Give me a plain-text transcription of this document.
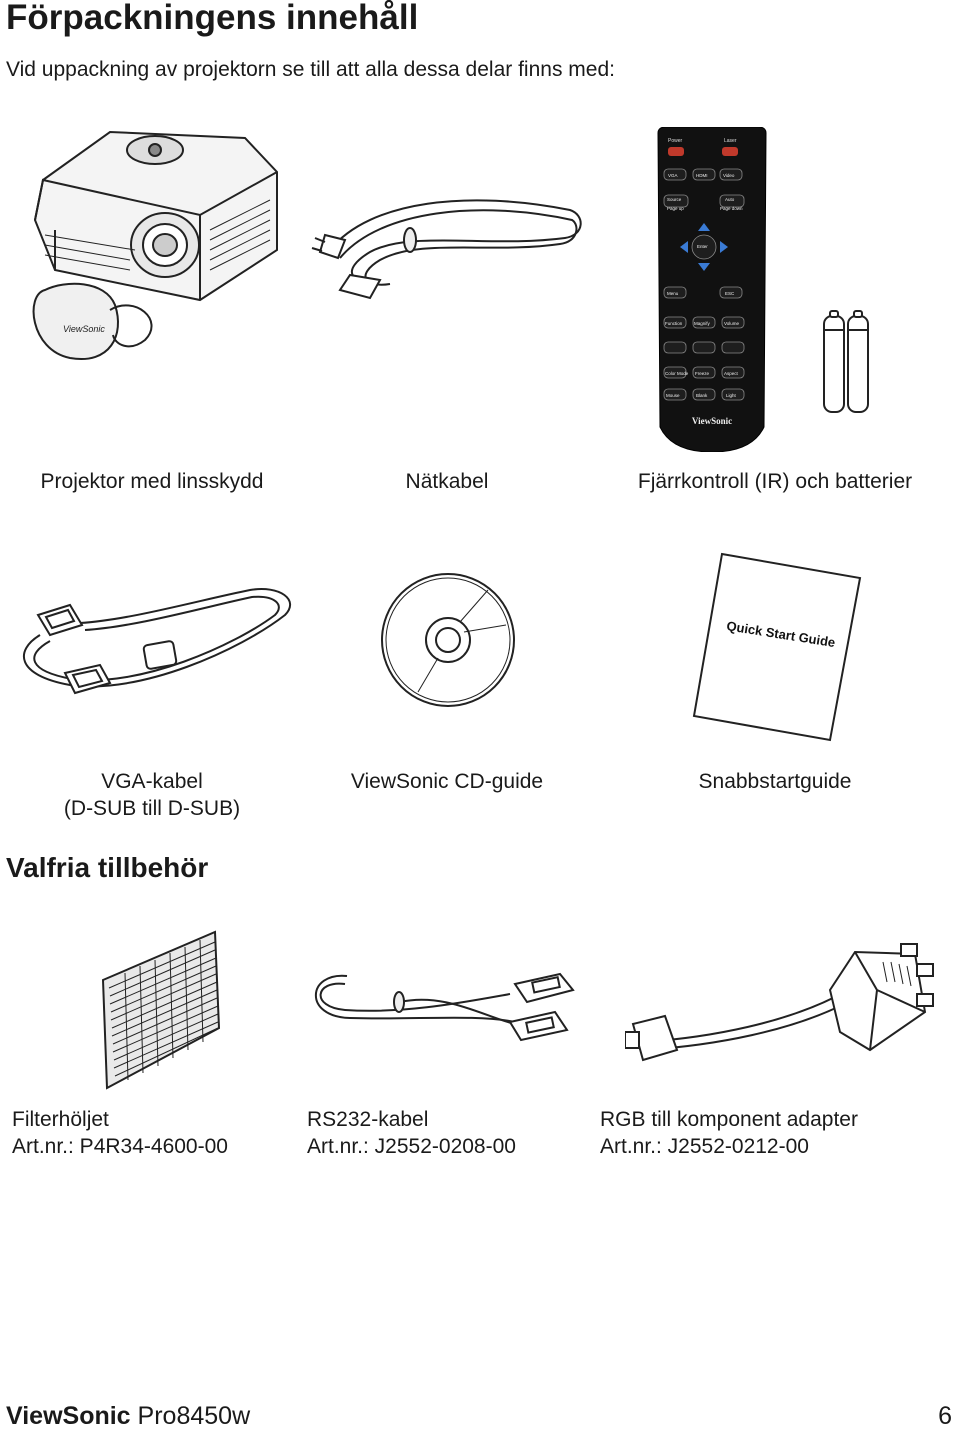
Förpackningens innehåll

Vid uppackning av projektorn se till att alla dessa delar finns med:

ViewSonic
Power	Laser
VGA	HDMI	Video
Source
Page up
Auto
Page down
Enter
Menu	ESC
Function	Magnify	Volume
Color Mode Freeze	Aspect
Mouse	Blank	Light
ViewSonic
Projektor med linsskydd	Nätkabel	Fjärrkontroll (IR) och batterier
Quick Start Guide
VGA-kabel
(D-SUB till D-SUB)
ViewSonic CD-guide	Snabbstartguide
Valfria tillbehör
Filterhöljet
Art.nr.: P4R34-4600-00
RS232-kabel
Art.nr.: J2552-0208-00
RGB till komponent adapter
Art.nr.: J2552-0212-00
ViewSonic Pro8450w	6
